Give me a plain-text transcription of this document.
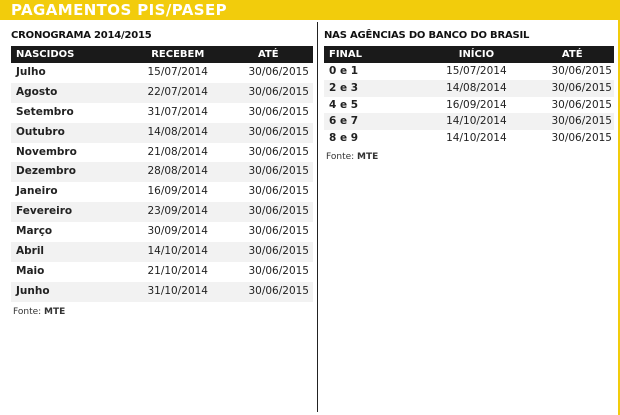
PAGAMENTOS PIS/PASEP
CRONOGRAMA 2014/2015
NASCIDOS	RECEBEM	ATÉ
Julho	15/07/2014	30/06/2015
Agosto	22/07/2014	30/06/2015
Setembro	31/07/2014	30/06/2015
Outubro	14/08/2014	30/06/2015
Novembro	21/08/2014	30/06/2015
Dezembro	28/08/2014	30/06/2015
Janeiro	16/09/2014	30/06/2015
Fevereiro	23/09/2014	30/06/2015
Março	30/09/2014	30/06/2015
Abril	14/10/2014	30/06/2015
Maio	21/10/2014	30/06/2015
Junho	31/10/2014	30/06/2015
Fonte: MTE
NAS AGÊNCIAS DO BANCO DO BRASIL
FINAL	INÍCIO	ATÉ
0 e 1	15/07/2014	30/06/2015
2 e 3	14/08/2014	30/06/2015
4 e 5	16/09/2014	30/06/2015
6 e 7	14/10/2014	30/06/2015
8 e 9	14/10/2014	30/06/2015
Fonte: MTE
